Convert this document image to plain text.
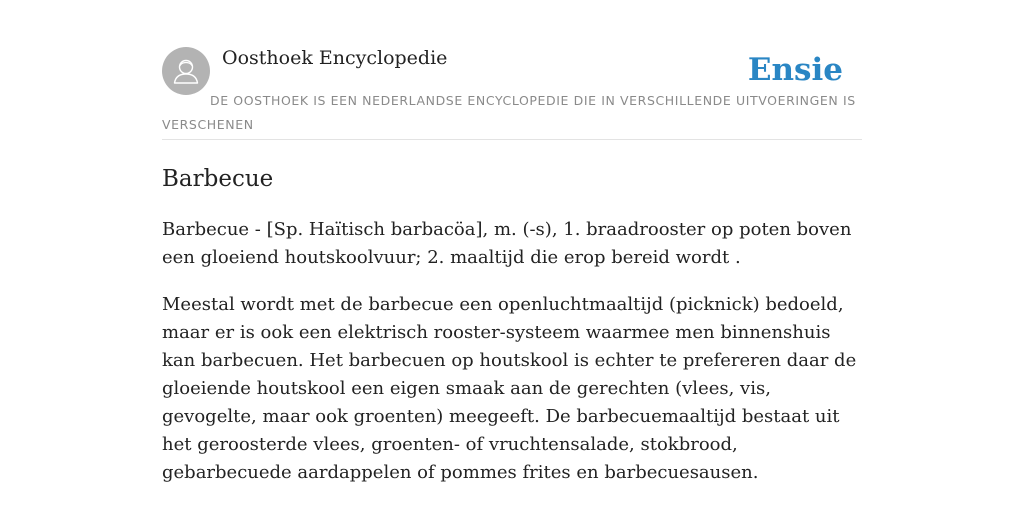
Oosthoek Encyclopedie	Ensie
DE OOSTHOEK IS EEN NEDERLANDSE ENCYCLOPEDIE DIE IN VERSCHILLENDE UITVOERINGEN IS VERSCHENEN
Barbecue

Barbecue - [Sp. Haïtisch barbacöa], m. (-s), 1. braadrooster op poten boven een gloeiend houtskoolvuur; 2. maaltijd die erop bereid wordt .

Meestal wordt met de barbecue een openluchtmaaltijd (picknick) bedoeld, maar er is ook een elektrisch rooster-systeem waarmee men binnenshuis kan barbecuen. Het barbecuen op houtskool is echter te prefereren daar de gloeiende houtskool een eigen smaak aan de gerechten (vlees, vis, gevogelte, maar ook groenten) meegeeft. De barbecuemaaltijd bestaat uit het geroosterde vlees, groenten- of vruchtensalade, stokbrood, gebarbecuede aardappelen of pommes frites en barbecuesausen.
